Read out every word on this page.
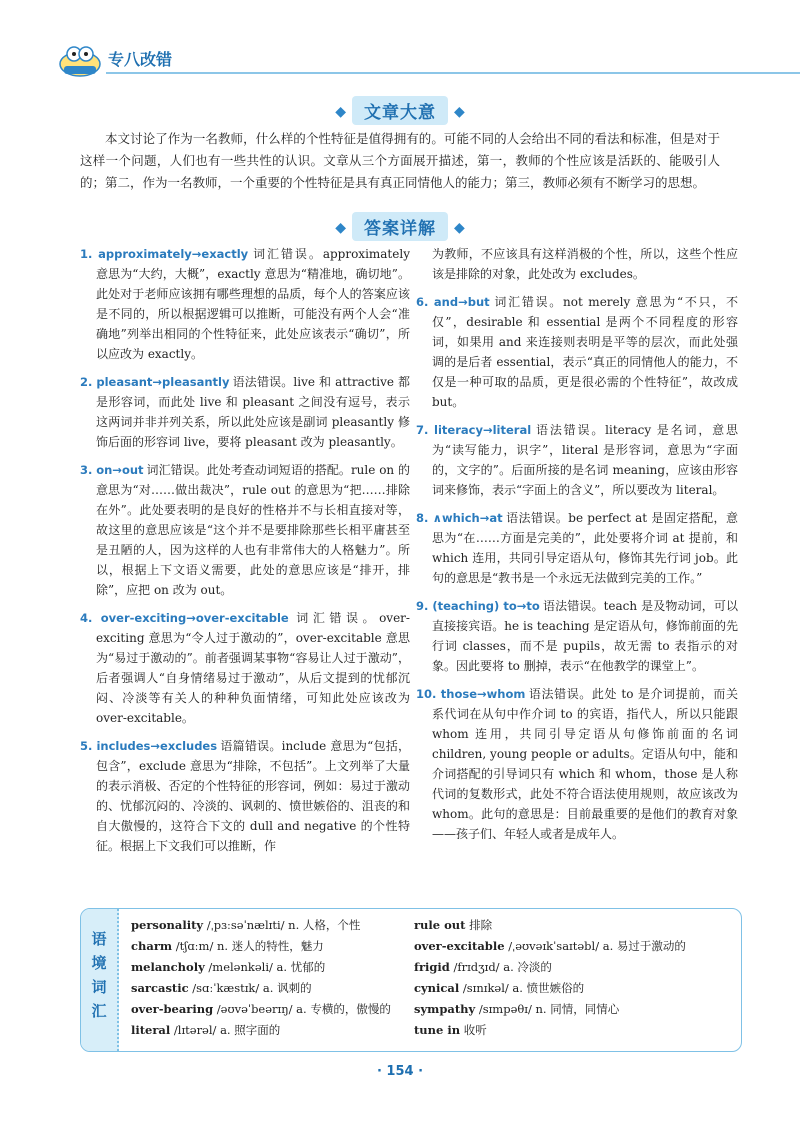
专八改错
◆ 文章大意 ◆

本文讨论了作为一名教师，什么样的个性特征是值得拥有的。可能不同的人会给出不同的看法和标准，但是对于这样一个问题，人们也有一些共性的认识。文章从三个方面展开描述，第一，教师的个性应该是活跃的、能吸引人的；第二，作为一名教师，一个重要的个性特征是具有真正同情他人的能力；第三，教师必须有不断学习的思想。

◆ 答案详解 ◆
1. approximately→exactly 词汇错误。approximately 意思为“大约，大概”，exactly 意思为“精准地，确切地”。此处对于老师应该拥有哪些理想的品质，每个人的答案应该是不同的，所以根据逻辑可以推断，可能没有两个人会“准确地”列举出相同的个性特征来，此处应该表示“确切”，所以应改为 exactly。
2. pleasant→pleasantly 语法错误。live 和 attractive 都是形容词，而此处 live 和 pleasant 之间没有逗号，表示这两词并非并列关系，所以此处应该是副词 pleasantly 修饰后面的形容词 live，要将 pleasant 改为 pleasantly。
3. on→out 词汇错误。此处考查动词短语的搭配。rule on 的意思为“对……做出裁决”，rule out 的意思为“把……排除在外”。此处要表明的是良好的性格并不与长相直接对等，故这里的意思应该是“这个并不是要排除那些长相平庸甚至是丑陋的人，因为这样的人也有非常伟大的人格魅力”。所以，根据上下文语义需要，此处的意思应该是“排开，排除”，应把 on 改为 out。
4. over-exciting→over-excitable 词汇错误。over-exciting 意思为“令人过于激动的”，over-excitable 意思为“易过于激动的”。前者强调某事物“容易让人过于激动”，后者强调人“自身情绪易过于激动”，从后文提到的忧郁沉闷、冷淡等有关人的种种负面情绪，可知此处应该改为 over-excitable。
5. includes→excludes 语篇错误。include 意思为“包括，包含”，exclude 意思为“排除，不包括”。上文列举了大量的表示消极、否定的个性特征的形容词，例如：易过于激动的、忧郁沉闷的、冷淡的、讽刺的、愤世嫉俗的、沮丧的和自大傲慢的，这符合下文的 dull and negative 的个性特征。根据上下文我们可以推断，作
为教师，不应该具有这样消极的个性，所以，这些个性应该是排除的对象，此处改为 excludes。
6. and→but 词汇错误。not merely 意思为“不只，不仅”，desirable 和 essential 是两个不同程度的形容词，如果用 and 来连接则表明是平等的层次，而此处强调的是后者 essential，表示“真正的同情他人的能力，不仅是一种可取的品质，更是很必需的个性特征”，故改成 but。
7. literacy→literal 语法错误。literacy 是名词，意思为“读写能力，识字”，literal 是形容词，意思为“字面的，文字的”。后面所接的是名词 meaning，应该由形容词来修饰，表示“字面上的含义”，所以要改为 literal。
8. ∧which→at 语法错误。be perfect at 是固定搭配，意思为“在……方面是完美的”，此处要将介词 at 提前，和 which 连用，共同引导定语从句，修饰其先行词 job。此句的意思是“教书是一个永远无法做到完美的工作。”
9. (teaching) to→to 语法错误。teach 是及物动词，可以直接接宾语。he is teaching 是定语从句，修饰前面的先行词 classes，而不是 pupils，故无需 to 表指示的对象。因此要将 to 删掉，表示“在他教学的课堂上”。
10. those→whom 语法错误。此处 to 是介词提前，而关系代词在从句中作介词 to 的宾语，指代人，所以只能跟 whom 连用，共同引导定语从句修饰前面的名词 children, young people or adults。定语从句中，能和介词搭配的引导词只有 which 和 whom，those 是人称代词的复数形式，此处不符合语法使用规则，故应该改为 whom。此句的意思是：目前最重要的是他们的教育对象——孩子们、年轻人或者是成年人。
语境词汇
personality /ˌpɜːsəˈnælɪti/ n. 人格，个性
charm /tʃɑːm/ n. 迷人的特性，魅力
melancholy /melənkəli/ a. 忧郁的
sarcastic /sɑːˈkæstɪk/ a. 讽刺的
over-bearing /əʊvəˈbeərɪŋ/ a. 专横的，傲慢的
literal /lɪtərəl/ a. 照字面的
rule out 排除
over-excitable /ˌəʊvəɪkˈsaɪtəbl/ a. 易过于激动的
frigid /frɪdʒɪd/ a. 冷淡的
cynical /sɪnɪkəl/ a. 愤世嫉俗的
sympathy /sɪmpəθɪ/ n. 同情，同情心
tune in 收听
· 154 ·
